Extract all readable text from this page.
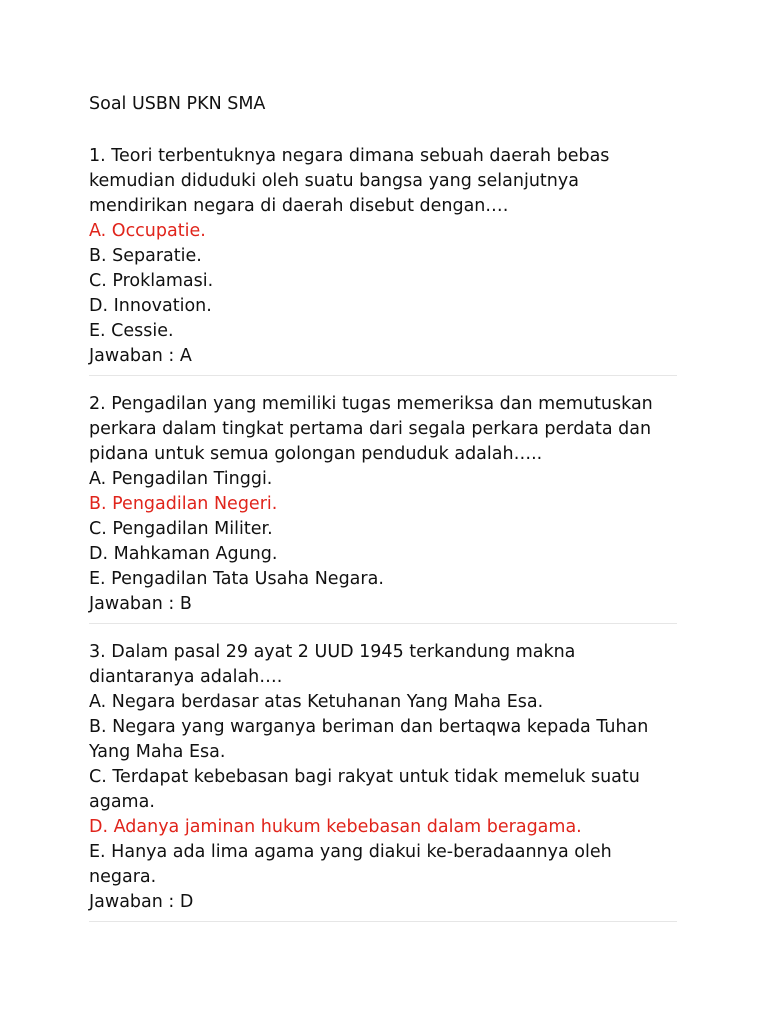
Soal USBN PKN SMA
1. Teori terbentuknya negara dimana sebuah daerah bebas
kemudian diduduki oleh suatu bangsa yang selanjutnya
mendirikan negara di daerah disebut dengan.…
A. Occupatie.
B. Separatie.
C. Proklamasi.
D. Innovation.
E. Cessie.
Jawaban : A
2. Pengadilan yang memiliki tugas memeriksa dan memutuskan
perkara dalam tingkat pertama dari segala perkara perdata dan
pidana untuk semua golongan penduduk adalah…..
A. Pengadilan Tinggi.
B. Pengadilan Negeri.
C. Pengadilan Militer.
D. Mahkaman Agung.
E. Pengadilan Tata Usaha Negara.
Jawaban : B
3. Dalam pasal 29 ayat 2 UUD 1945 terkandung makna
diantaranya adalah….
A. Negara berdasar atas Ketuhanan Yang Maha Esa.
B. Negara yang warganya beriman dan bertaqwa kepada Tuhan
Yang Maha Esa.
C. Terdapat kebebasan bagi rakyat untuk tidak memeluk suatu
agama.
D. Adanya jaminan hukum kebebasan dalam beragama.
E. Hanya ada lima agama yang diakui ke-beradaannya oleh
negara.
Jawaban : D
